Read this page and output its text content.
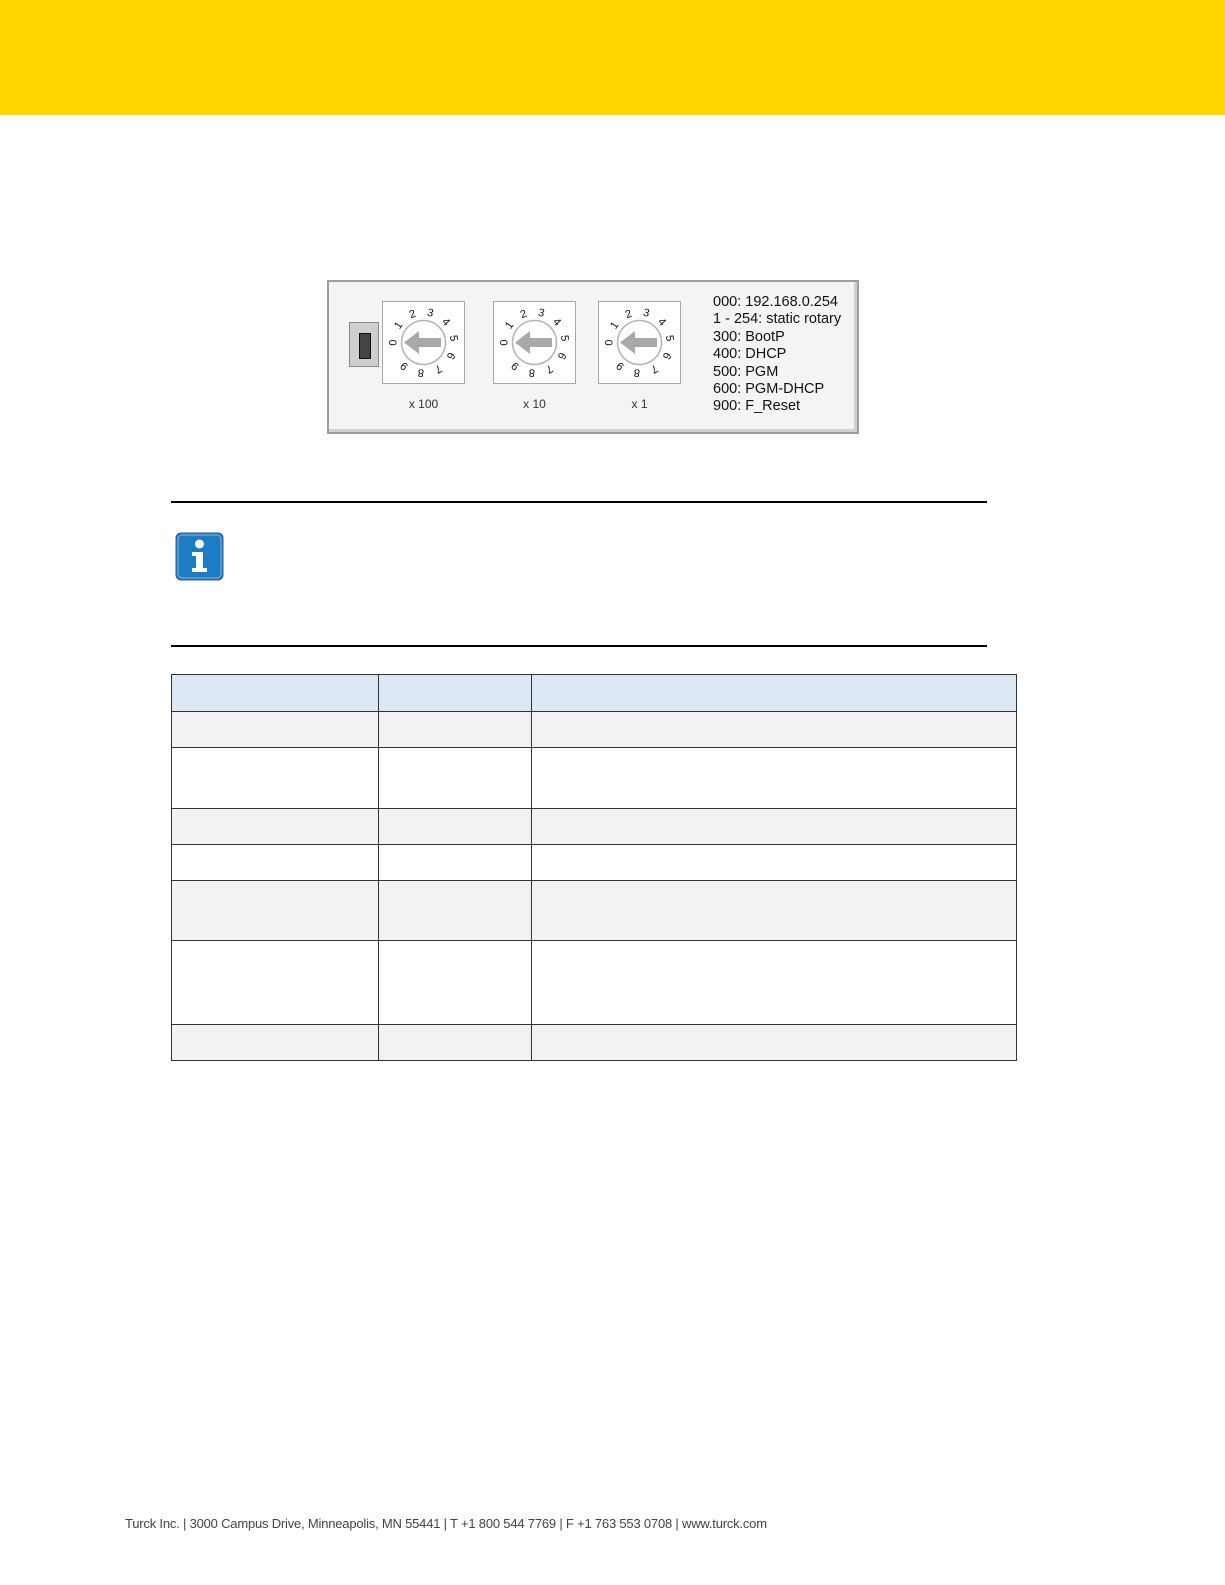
0
1
2 3
4
5
6
7
8
9
x 100
0
1
2 3
4
5
6
7
8
9
x 10
0
1
2 3
4
5
6
7
8
9
x 1
000: 192.168.0.254
1 - 254: static rotary
300: BootP
400: DHCP
500: PGM
600: PGM-DHCP
900: F_Reset

Turck Inc. | 3000 Campus Drive, Minneapolis, MN 55441 | T +1 800 544 7769 | F +1 763 553 0708 | www.turck.com
